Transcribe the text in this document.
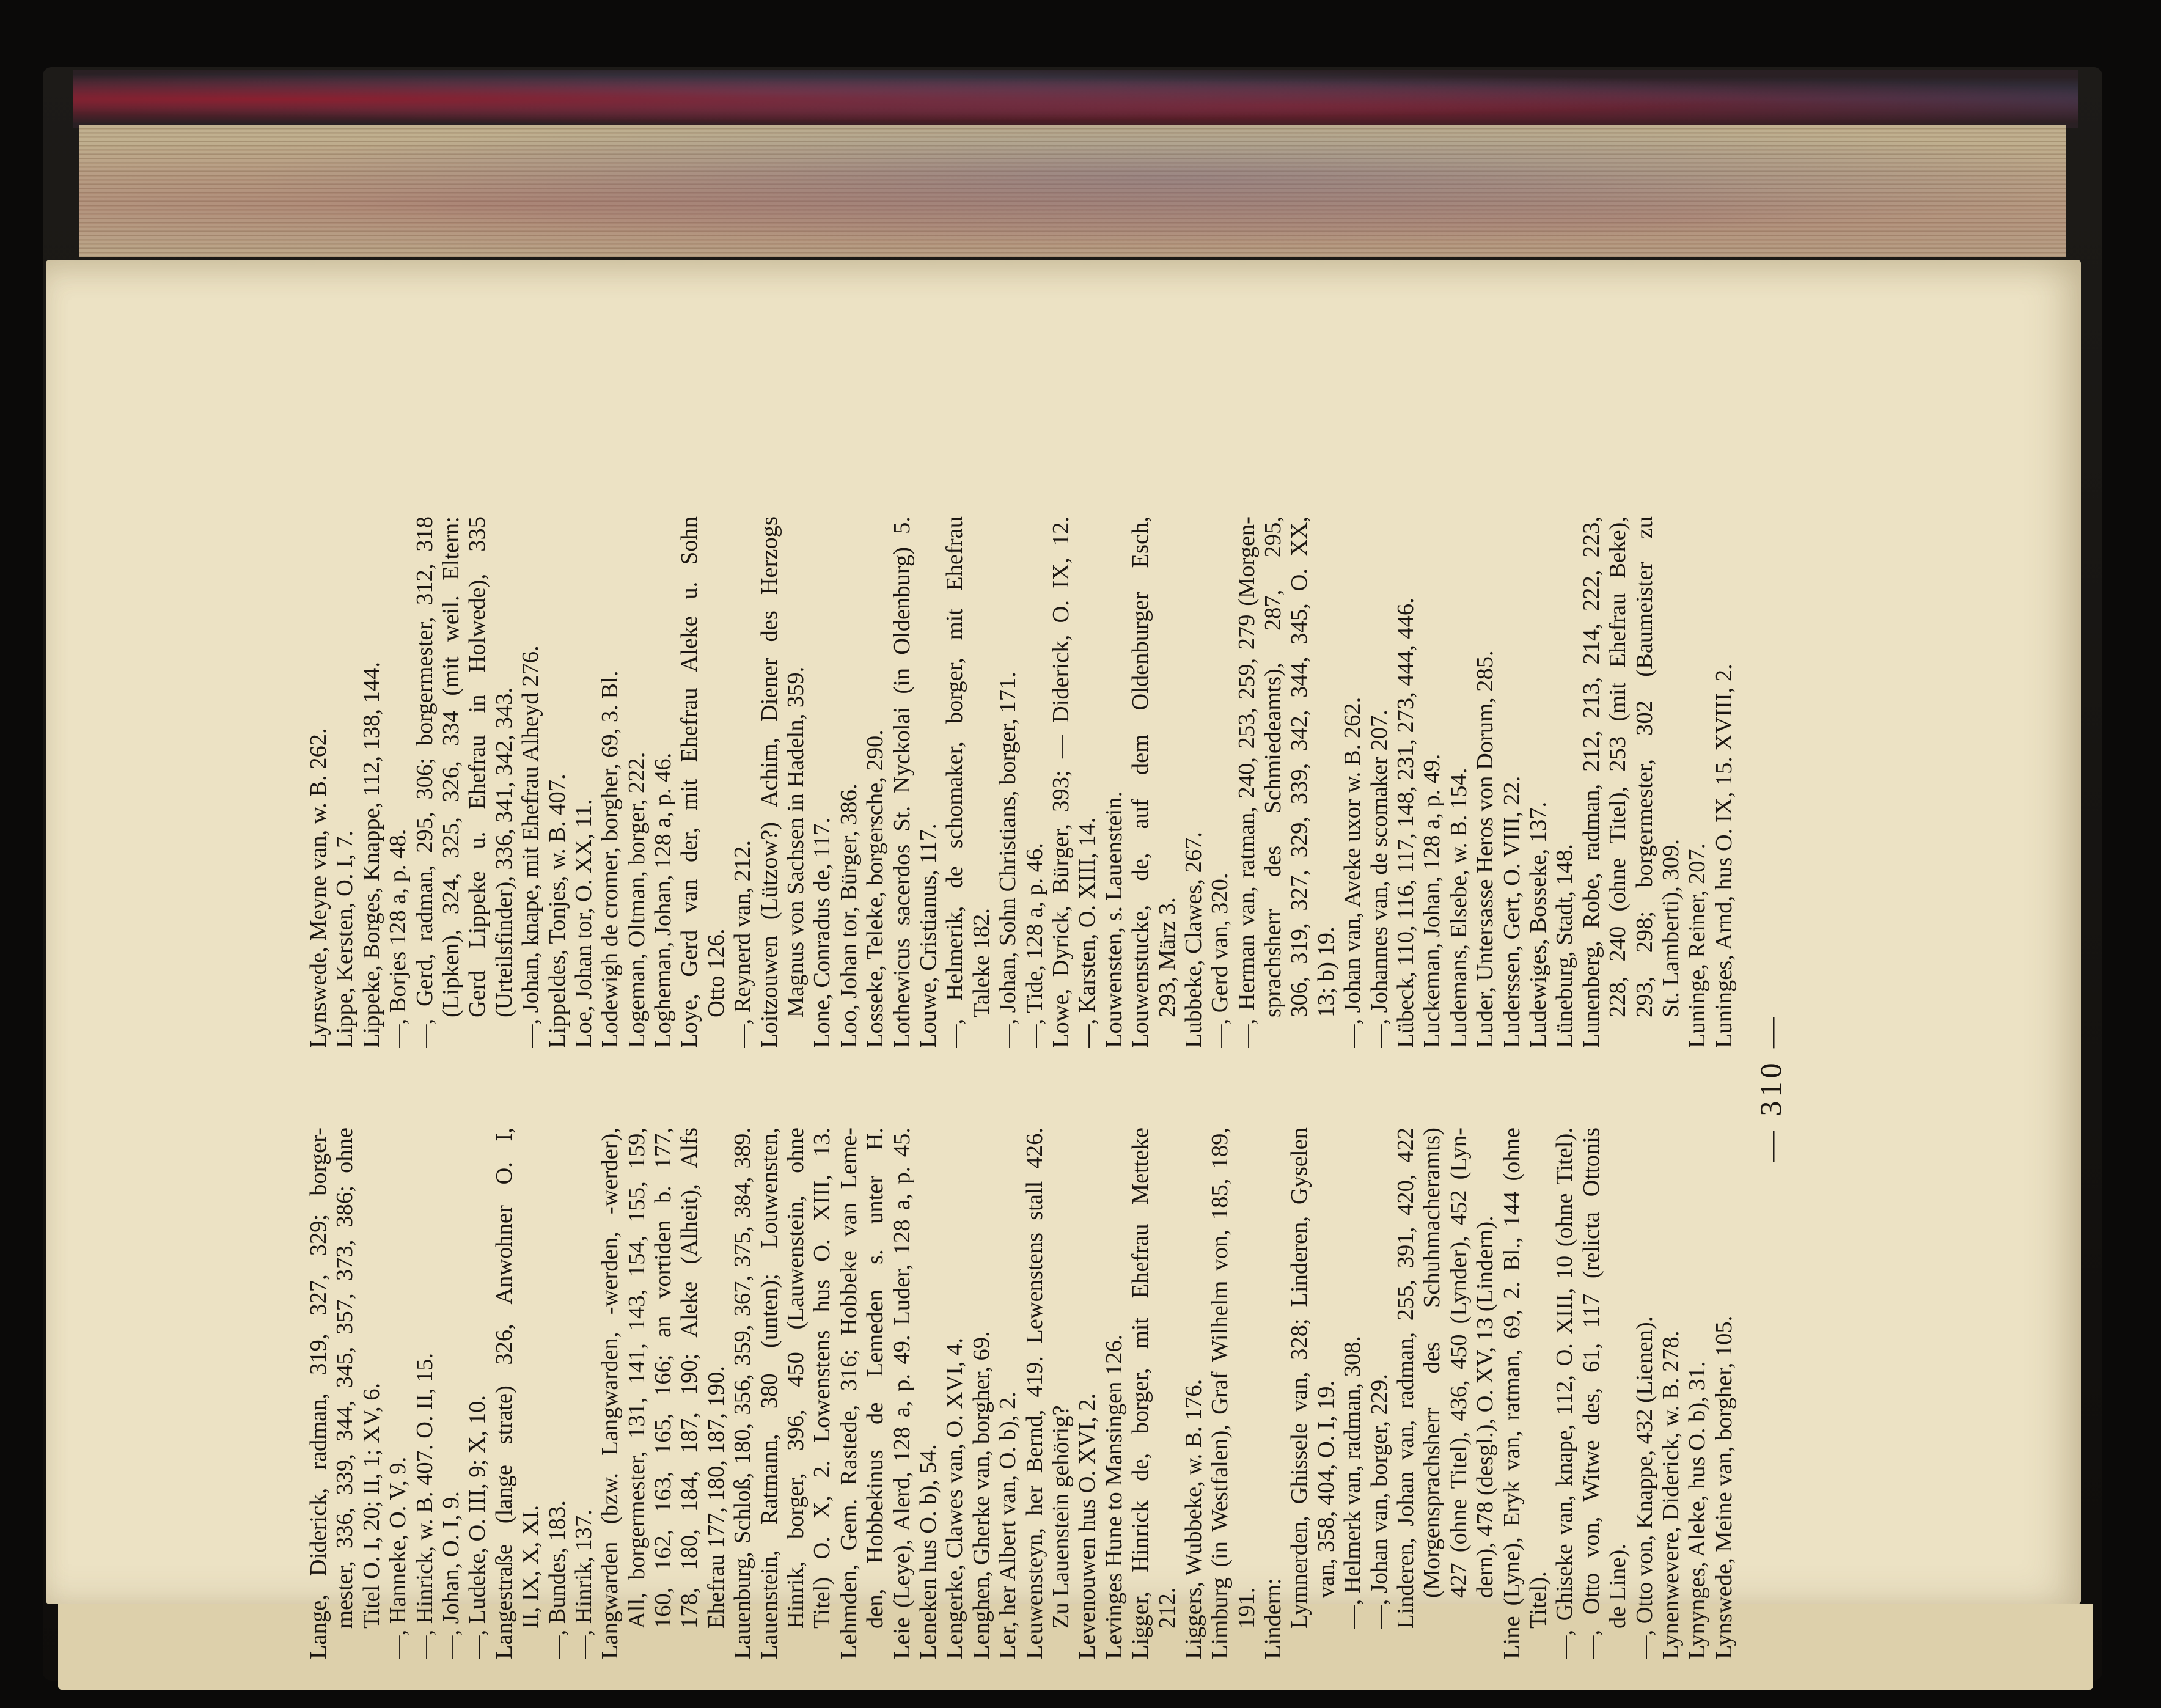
Lange, Diderick, radman, 319, 327, 329; borger- mester, 336, 339, 344, 345, 357, 373, 386; ohne Titel O. I, 20; II, 1; XV, 6. —, Hanneke, O. V, 9. —, Hinrick, w. B. 407. O. II, 15. —, Johan, O. I, 9. —, Ludeke, O. III, 9; X, 10. Langestraße (lange strate) 326, Anwohner O. I, II, IX, X, XI. —, Bundes, 183. —, Hinrik, 137. Langwarden (bzw. Langwarden, -werden, -werder), All, borgermester, 131, 141, 143, 154, 155, 159, 160, 162, 163, 165, 166; an vortiden b. 177, 178, 180, 184, 187, 190; Aleke (Alheit), Alfs Ehefrau 177, 180, 187, 190. Lauenburg, Schloß, 180, 356, 359, 367, 375, 384, 389. Lauenstein, Ratmann, 380 (unten); Louwensten, Hinrik, borger, 396, 450 (Lauwenstein, ohne Titel) O. X, 2. Lowenstens hus O. XIII, 13. Lehmden, Gem. Rastede, 316; Hobbeke van Leme- den, Hobbekinus de Lemeden s. unter H. Leie (Leye), Alerd, 128 a, p. 49. Luder, 128 a, p. 45. Leneken hus O. b), 54. Lengerke, Clawes van, O. XVI, 4. Lenghen, Gherke van, borgher, 69. Ler, her Albert van, O. b), 2. Leuwensteyn, her Bernd, 419. Lewenstens stall 426. Zu Lauenstein gehörig? Levenouwen hus O. XVI, 2. Levinges Hune to Mansingen 126. Ligger, Hinrick de, borger, mit Ehefrau Metteke 212. Liggers, Wubbeke, w. B. 176. Limburg (in Westfalen), Graf Wilhelm von, 185, 189, 191. Lindern: Lymnerden, Ghissele van, 328; Linderen, Gyselen van, 358, 404, O. I, 19. —, Helmerk van, radman, 308. —, Johan van, borger, 229. Linderen, Johan van, radman, 255, 391, 420, 422 (Morgensprachsherr des Schuhmacheramts) 427 (ohne Titel), 436, 450 (Lynder), 452 (Lyn- dern), 478 (desgl.), O. XV, 13 (Lindern). Line (Lyne), Eryk van, ratman, 69, 2. Bl., 144 (ohne Titel). —, Ghiseke van, knape, 112, O. XIII, 10 (ohne Titel). —, Otto von, Witwe des, 61, 117 (relicta Ottonis de Line). —, Otto von, Knappe, 432 (Lienen). Lynenwevere, Diderick, w. B. 278. Lynynges, Aleke, hus O. b), 31. Lynswede, Meine van, borgher, 105.
Lynswede, Meyne van, w. B. 262. Lippe, Kersten, O. I, 7. Lippeke, Borges, Knappe, 112, 138, 144. —, Borjes 128 a, p. 48. —, Gerd, radman, 295, 306; borgermester, 312, 318 (Lipken), 324, 325, 326, 334 (mit weil. Eltern: Gerd Lippeke u. Ehefrau in Holwede), 335 (Urteilsfinder), 336, 341, 342, 343. —, Johan, knape, mit Ehefrau Alheyd 276. Lippeldes, Tonjes, w. B. 407. Loe, Johan tor, O. XX, 11. Lodewigh de cromer, borgher, 69, 3. Bl. Logeman, Oltman, borger, 222. Logheman, Johan, 128 a, p. 46. Loye, Gerd van der, mit Ehefrau Aleke u. Sohn Otto 126. —, Reynerd van, 212. Loitzouwen (Lützow?) Achim, Diener des Herzogs Magnus von Sachsen in Hadeln, 359. Lone, Conradus de, 117. Loo, Johan tor, Bürger, 386. Losseke, Teleke, borgersche, 290. Lothewicus sacerdos St. Nyckolai (in Oldenburg) 5. Louwe, Cristianus, 117. —, Helmerik, de schomaker, borger, mit Ehefrau Taleke 182. —, Johan, Sohn Christians, borger, 171. —, Tide, 128 a, p. 46. Lowe, Dyrick, Bürger, 393; — Diderick, O. IX, 12. —, Karsten, O. XIII, 14. Louwensten, s. Lauenstein. Louwenstucke, de, auf dem Oldenburger Esch, 293, März 3. Lubbeke, Clawes, 267. —, Gerd van, 320. —, Herman van, ratman, 240, 253, 259, 279 (Morgen- sprachsherr des Schmiedeamts), 287, 295, 306, 319, 327, 329, 339, 342, 344, 345, O. XX, 13; b) 19. —, Johan van, Aveke uxor w. B. 262. —, Johannes van, de scomaker 207. Lübeck, 110, 116, 117, 148, 231, 273, 444, 446. Luckeman, Johan, 128 a, p. 49. Ludemans, Elsebe, w. B. 154. Luder, Untersasse Heros von Dorum, 285. Luderssen, Gert, O. VIII, 22. Ludewiges, Bosseke, 137. Lüneburg, Stadt, 148. Lunenberg, Robe, radman, 212, 213, 214, 222, 223, 228, 240 (ohne Titel), 253 (mit Ehefrau Beke), 293, 298; borgermester, 302 (Baumeister zu St. Lamberti), 309. Luninge, Reiner, 207. Luninges, Arnd, hus O. IX, 15. XVIII, 2.
— 310 —
